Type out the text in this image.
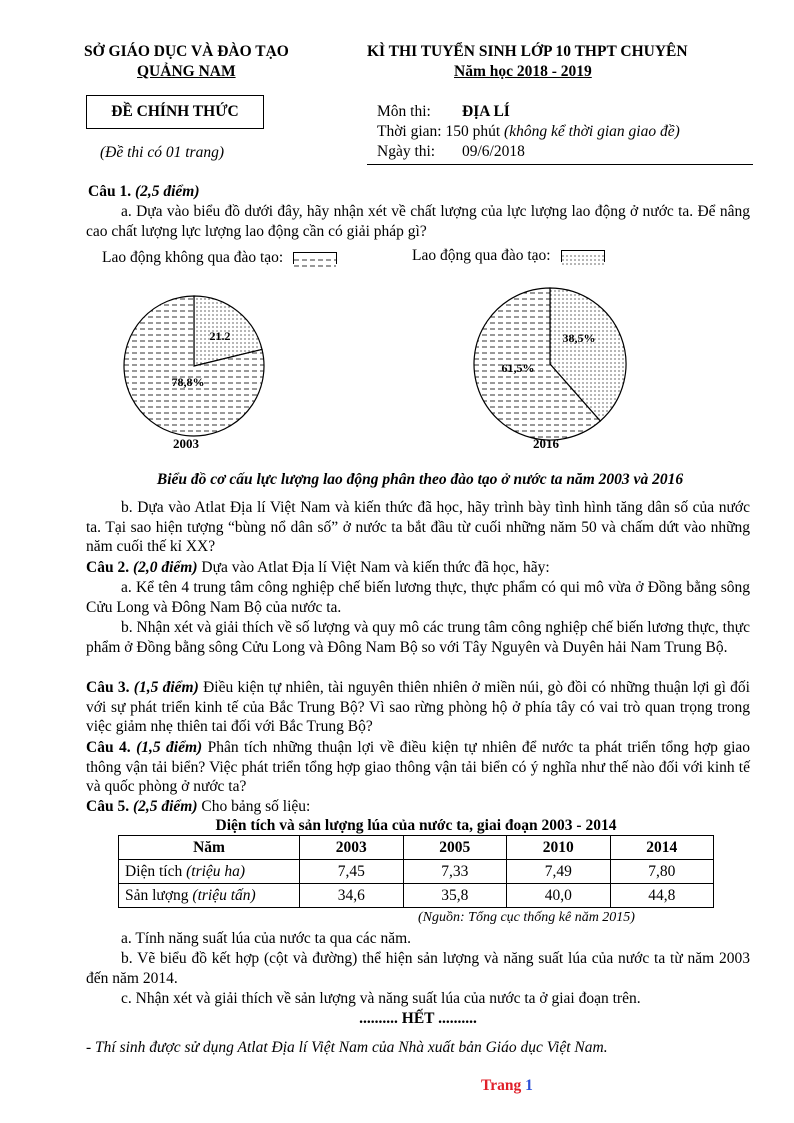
SỞ GIÁO DỤC VÀ ĐÀO TẠO
QUẢNG NAM
KÌ THI TUYỂN SINH LỚP 10 THPT CHUYÊN
Năm học 2018 - 2019
ĐỀ CHÍNH THỨC
(Đề thi có 01 trang)
Môn thi: ĐỊA LÍ
Thời gian: 150 phút (không kể thời gian giao đề)
Ngày thi: 09/6/2018
Câu 1. (2,5 điểm)
a. Dựa vào biểu đồ dưới đây, hãy nhận xét về chất lượng của lực lượng lao động ở nước ta. Để nâng cao chất lượng lực lượng lao động cần có giải pháp gì?
Lao động không qua đào tạo:	Lao động qua đào tạo:
21.2
78,8%
2003
38,5%
61,5%
2016
Biểu đồ cơ cấu lực lượng lao động phân theo đào tạo ở nước ta năm 2003 và 2016
b. Dựa vào Atlat Địa lí Việt Nam và kiến thức đã học, hãy trình bày tình hình tăng dân số của nước ta. Tại sao hiện tượng “bùng nổ dân số” ở nước ta bắt đầu từ cuối những năm 50 và chấm dứt vào những năm cuối thế kỉ XX?
Câu 2. (2,0 điểm) Dựa vào Atlat Địa lí Việt Nam và kiến thức đã học, hãy:
a. Kể tên 4 trung tâm công nghiệp chế biến lương thực, thực phẩm có qui mô vừa ở Đồng bằng sông Cửu Long và Đông Nam Bộ của nước ta.
b. Nhận xét và giải thích về số lượng và quy mô các trung tâm công nghiệp chế biến lương thực, thực phẩm ở Đồng bằng sông Cửu Long và Đông Nam Bộ so với Tây Nguyên và Duyên hải Nam Trung Bộ.
Câu 3. (1,5 điểm) Điều kiện tự nhiên, tài nguyên thiên nhiên ở miền núi, gò đồi có những thuận lợi gì đối với sự phát triển kinh tế của Bắc Trung Bộ? Vì sao rừng phòng hộ ở phía tây có vai trò quan trọng trong việc giảm nhẹ thiên tai đối với Bắc Trung Bộ?
Câu 4. (1,5 điểm) Phân tích những thuận lợi về điều kiện tự nhiên để nước ta phát triển tổng hợp giao thông vận tải biển? Việc phát triển tổng hợp giao thông vận tải biển có ý nghĩa như thế nào đối với kinh tế và quốc phòng ở nước ta?
Câu 5. (2,5 điểm) Cho bảng số liệu:
Diện tích và sản lượng lúa của nước ta, giai đoạn 2003 - 2014
Năm	2003	2005	2010	2014
Diện tích (triệu ha)	7,45	7,33	7,49	7,80
Sản lượng (triệu tấn)	34,6	35,8	40,0	44,8
(Nguồn: Tổng cục thống kê năm 2015)
a. Tính năng suất lúa của nước ta qua các năm.
b. Vẽ biểu đồ kết hợp (cột và đường) thể hiện sản lượng và năng suất lúa của nước ta từ năm 2003 đến năm 2014.
c. Nhận xét và giải thích về sản lượng và năng suất lúa của nước ta ở giai đoạn trên.
.......... HẾT ..........
- Thí sinh được sử dụng Atlat Địa lí Việt Nam của Nhà xuất bản Giáo dục Việt Nam.
Trang 1
